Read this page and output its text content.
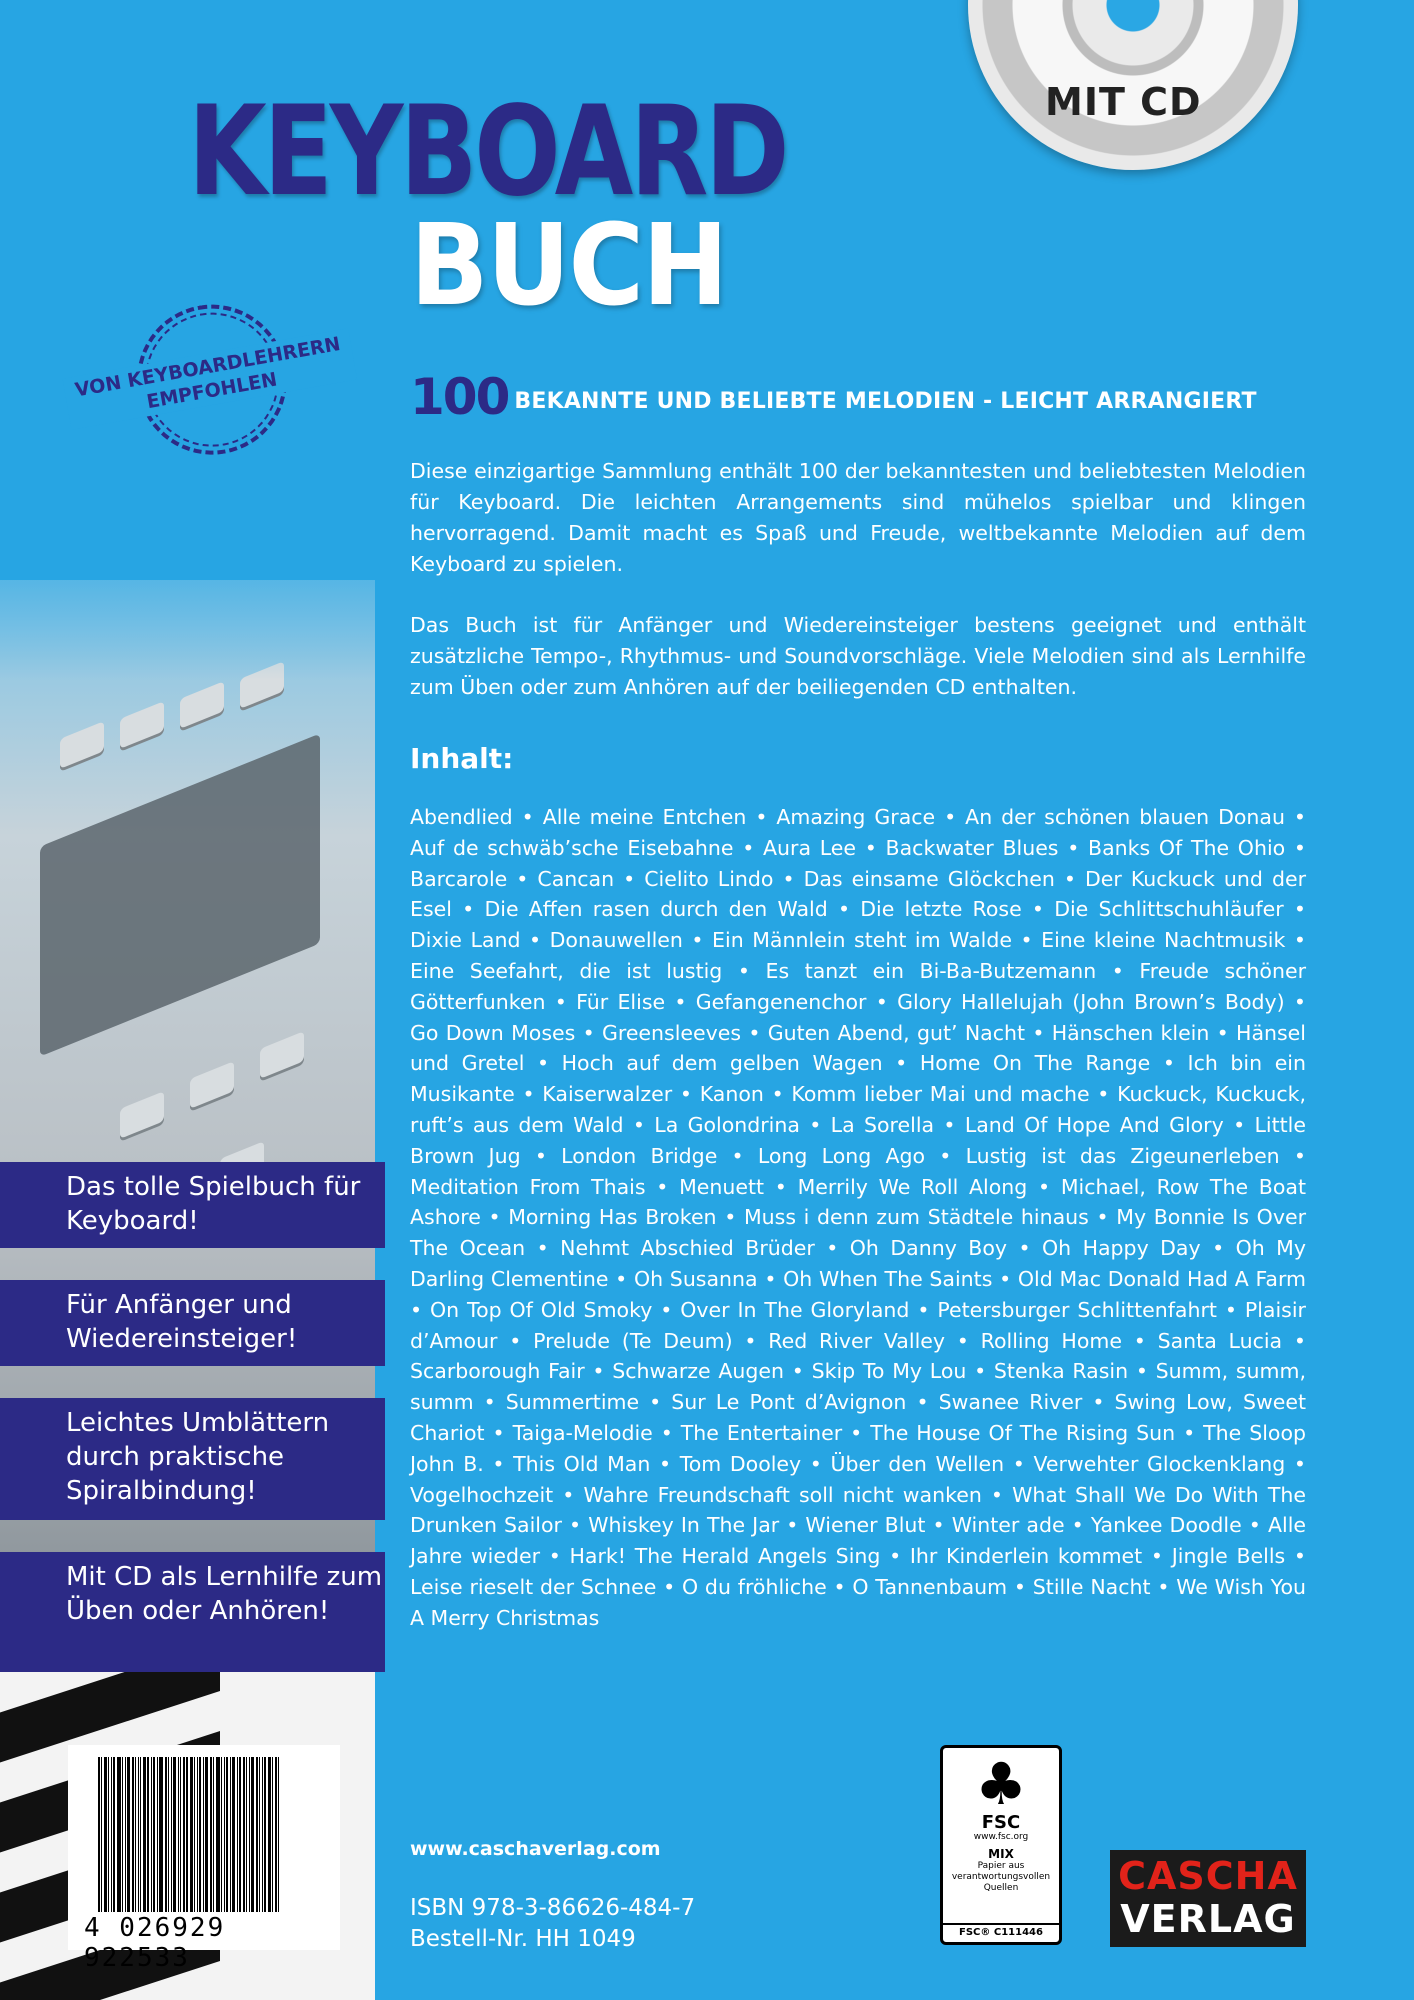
MIT CD
KEYBOARD
BUCH
VON KEYBOARDLEHRERN EMPFOHLEN	100 BEKANNTE UND BELIEBTE MELODIEN - LEICHT ARRANGIERT
Diese einzigartige Sammlung enthält 100 der bekanntesten und beliebtesten Melodien für Keyboard. Die leichten Arrangements sind mühelos spielbar und klingen hervorragend. Damit macht es Spaß und Freude, weltbekannte Melodien auf dem Keyboard zu spielen.
Das Buch ist für Anfänger und Wiedereinsteiger bestens geeignet und enthält zusätzliche Tempo-, Rhythmus- und Soundvorschläge. Viele Melodien sind als Lernhilfe zum Üben oder zum Anhören auf der beiliegenden CD enthalten.
Inhalt:
Abendlied • Alle meine Entchen • Amazing Grace • An der schönen blauen Donau • Auf de schwäb’sche Eisebahne • Aura Lee • Backwater Blues • Banks Of The Ohio • Barcarole • Cancan • Cielito Lindo • Das einsame Glöckchen • Der Kuckuck und der Esel • Die Affen rasen durch den Wald • Die letzte Rose • Die Schlittschuhläufer • Dixie Land • Donauwellen • Ein Männlein steht im Walde • Eine kleine Nachtmusik • Eine Seefahrt, die ist lustig • Es tanzt ein Bi-Ba-Butzemann • Freude schöner Götterfunken • Für Elise • Gefangenenchor • Glory Hallelujah (John Brown’s Body) • Go Down Moses • Greensleeves • Guten Abend, gut’ Nacht • Hänschen klein • Hänsel und Gretel • Hoch auf dem gelben Wagen • Home On The Range • Ich bin ein Musikante • Kaiserwalzer • Kanon • Komm lieber Mai und mache • Kuckuck, Kuckuck, ruft’s aus dem Wald • La Golondrina • La Sorella • Land Of Hope And Glory • Little Brown Jug • London Bridge • Long Long Ago • Lustig ist das Zigeunerleben • Meditation From Thais • Menuett • Merrily We Roll Along • Michael, Row The Boat Ashore • Morning Has Broken • Muss i denn zum Städtele hinaus • My Bonnie Is Over The Ocean • Nehmt Abschied Brüder • Oh Danny Boy • Oh Happy Day • Oh My Darling Clementine • Oh Susanna • Oh When The Saints • Old Mac Donald Had A Farm • On Top Of Old Smoky • Over In The Gloryland • Petersburger Schlittenfahrt • Plaisir d’Amour • Prelude (Te Deum) • Red River Valley • Rolling Home • Santa Lucia • Scarborough Fair • Schwarze Augen • Skip To My Lou • Stenka Rasin • Summ, summ, summ • Summertime • Sur Le Pont d’Avignon • Swanee River • Swing Low, Sweet Chariot • Taiga-Melodie • The Entertainer • The House Of The Rising Sun • The Sloop John B. • This Old Man • Tom Dooley • Über den Wellen • Verwehter Glockenklang • Vogelhochzeit • Wahre Freundschaft soll nicht wanken • What Shall We Do With The Drunken Sailor • Whiskey In The Jar • Wiener Blut • Winter ade • Yankee Doodle • Alle Jahre wieder • Hark! The Herald Angels Sing • Ihr Kinderlein kommet • Jingle Bells • Leise rieselt der Schnee • O du fröhliche • O Tannenbaum • Stille Nacht • We Wish You A Merry Christmas
Das tolle Spielbuch für Keyboard!
Für Anfänger und Wiedereinsteiger!
Leichtes Umblättern durch praktische Spiralbindung!
Mit CD als Lernhilfe zum Üben oder Anhören!
4 026929 922533
www.caschaverlag.com
ISBN 978-3-86626-484-7
Bestell-Nr. HH 1049
♣
FSC
www.fsc.org
MIX
Papier aus verantwortungsvollen Quellen
FSC® C111446
CASCHA
VERLAG
